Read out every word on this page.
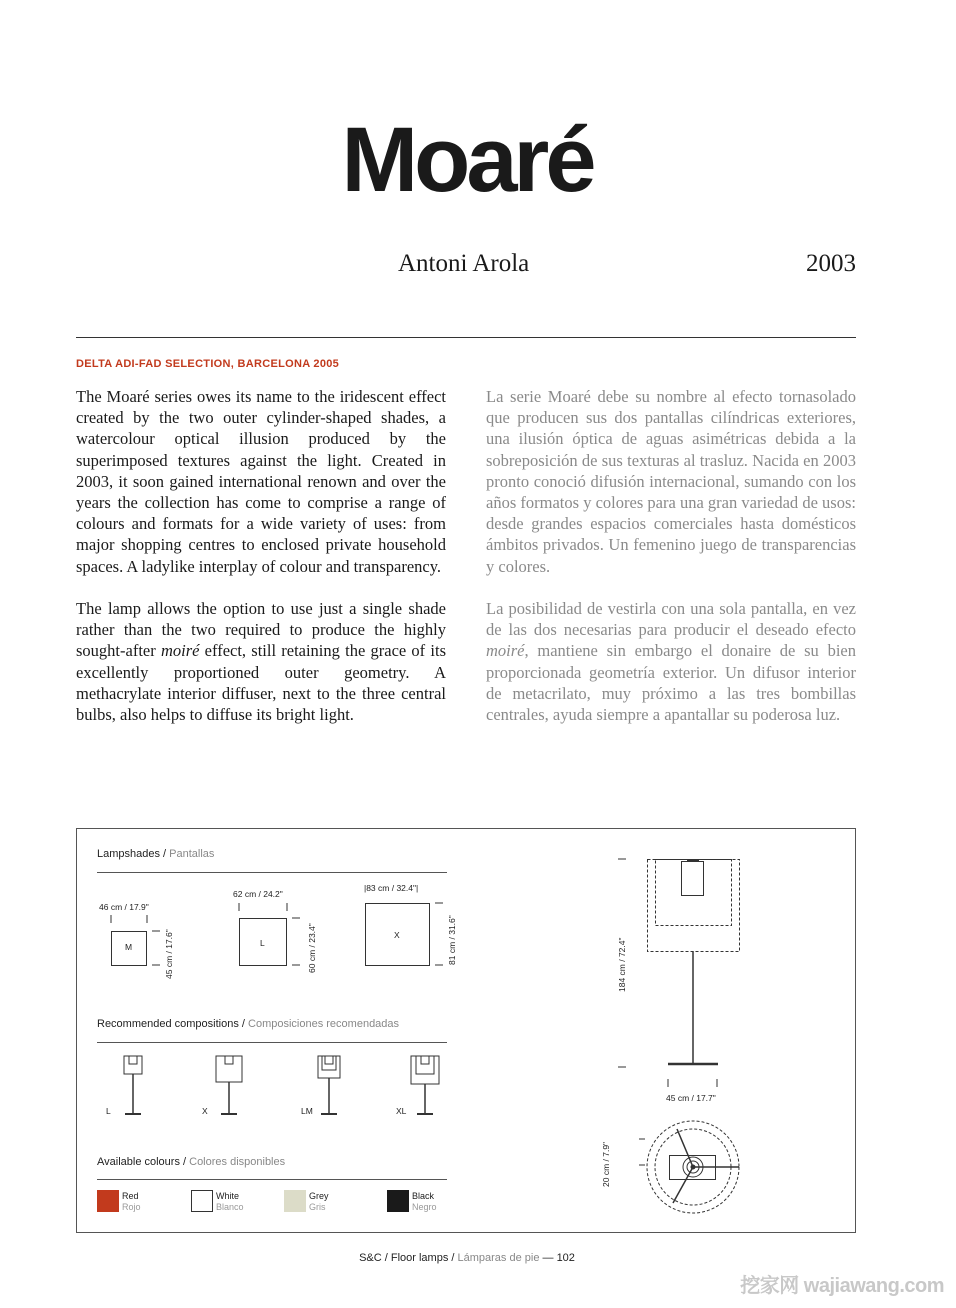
Moaré
Antoni Arola	2003
DELTA ADI-FAD SELECTION, BARCELONA 2005

The Moaré series owes its name to the iridescent effect created by the two outer cylinder-shaped shades, a watercolour optical illusion produced by the superimposed textures against the light. Created in 2003, it soon gained international renown and over the years the collection has come to comprise a range of colours and formats for a wide variety of uses: from major shopping centres to enclosed private household spaces. A ladylike interplay of colour and transparency.

The lamp allows the option to use just a single shade rather than the two required to produce the highly sought-after moiré effect, still retaining the grace of its excellently proportioned outer geometry. A methacrylate interior diffuser, next to the three central bulbs, also helps to diffuse its bright light.

La serie Moaré debe su nombre al efecto tornasolado que producen sus dos pantallas cilíndricas exteriores, una ilusión óptica de aguas asimétricas debida a la sobreposición de sus texturas al trasluz. Nacida en 2003 pronto conoció difusión internacional, sumando con los años formatos y colores para una gran variedad de usos: desde grandes espacios comerciales hasta domésticos ámbitos privados. Un femenino juego de transparencias y colores.

La posibilidad de vestirla con una sola pantalla, en vez de las dos necesarias para producir el deseado efecto moiré, mantiene sin embargo el donaire de su bien proporcionada geometría exterior. Un difusor interior de metacrilato, muy próximo a las tres bombillas centrales, ayuda siempre a apantallar su poderosa luz.

Lampshades / Pantallas
46 cm / 17.9"
M	45 cm / 17.6"
62 cm / 24.2"
L	60 cm / 23.4"
|83 cm / 32.4"|
X	81 cm / 31.6"
Recommended compositions / Composiciones recomendadas
L	X	LM	XL
Available colours / Colores disponibles
Red
Rojo
White
Blanco
Grey
Gris
Black
Negro
184 cm / 72.4"
45 cm / 17.7"
20 cm / 7.9"
S&C / Floor lamps / Lámparas de pie — 102
挖家网 wajiawang.com
